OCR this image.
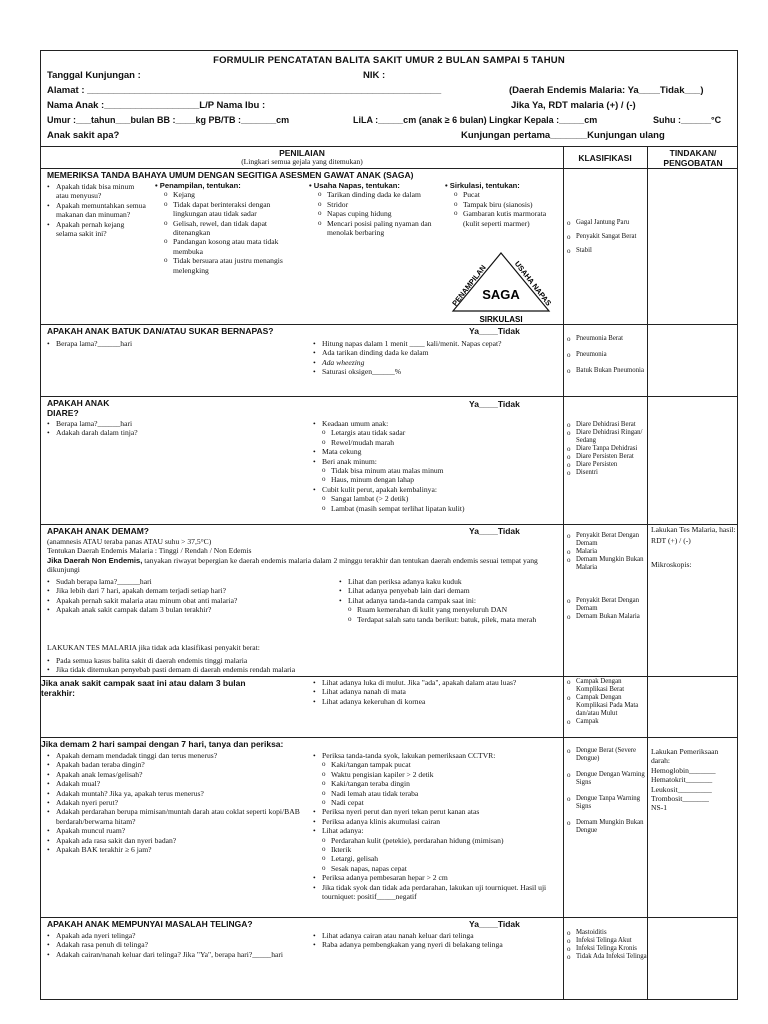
FORMULIR PENCATATAN BALITA SAKIT UMUR 2 BULAN SAMPAI 5 TAHUN
Tanggal Kunjungan :	NIK :
Alamat : ___________________________________________________________________	(Daerah Endemis Malaria: Ya____Tidak___)
Nama Anak :__________________L/P Nama Ibu :	Jika Ya, RDT malaria (+) / (-)
Umur :___tahun___bulan BB :____kg PB/TB :_______cm	LiLA :_____cm (anak ≥ 6 bulan) Lingkar Kepala :_____cm	Suhu :______°C
Anak sakit apa?	Kunjungan pertama_______Kunjungan ulang
PENILAIAN
(Lingkari semua gejala yang ditemukan)	KLASIFIKASI	TINDAKAN/ PENGOBATAN
MEMERIKSA TANDA BAHAYA UMUM DENGAN SEGITIGA ASESMEN GAWAT ANAK (SAGA)
• Apakah tidak bisa minum atau menyusu?
• Apakah memuntahkan semua makanan dan minuman?
• Apakah pernah kejang selama sakit ini?
• Penampilan, tentukan:
o Kejang
o Tidak dapat berinteraksi dengan lingkungan atau tidak sadar
o Gelisah, rewel, dan tidak dapat ditenangkan
o Pandangan kosong atau mata tidak membuka
o Tidak bersuara atau justru menangis melengking
• Usaha Napas, tentukan:
o Tarikan dinding dada ke dalam
o Stridor
o Napas cuping hidung
o Mencari posisi paling nyaman dan menolak berbaring
• Sirkulasi, tentukan:
o Pucat
o Tampak biru (sianosis)
o Gambaran kutis marmorata (kulit seperti marmer)
PENAMPILAN	USAHA NAPAS
SAGA
SIRKULASI
o Gagal Jantung Paru
o Penyakit Sangat Berat
o Stabil
APAKAH ANAK BATUK DAN/ATAU SUKAR BERNAPAS?	Ya____Tidak
• Berapa lama?______hari
•	Hitung napas dalam 1 menit ____ kali/menit. Napas cepat?
• Ada tarikan dinding dada ke dalam
• Ada wheezing
• Saturasi oksigen______%
o Pneumonia Berat
o Pneumonia
o Batuk Bukan Pneumonia
APAKAH ANAK DIARE?
Ya____Tidak
• Berapa lama?______hari
• Adakah darah dalam tinja?
• Keadaan umum anak:
o Letargis atau tidak sadar
o Rewel/mudah marah
• Mata cekung
• Beri anak minum:
o Tidak bisa minum atau malas minum
o Haus, minum dengan lahap
• Cubit kulit perut, apakah kembalinya:
o Sangat lambat (> 2 detik)
o Lambat (masih sempat terlihat lipatan kulit)
o Diare Dehidrasi Berat
o Diare Dehidrasi Ringan/ Sedang
o Diare Tanpa Dehidrasi
o Diare Persisten Berat
o Diare Persisten
o Disentri
APAKAH ANAK DEMAM?	Ya____Tidak
(anamnesis ATAU teraba panas ATAU suhu > 37,5°C)
Tentukan Daerah Endemis Malaria : Tinggi / Rendah / Non Edemis
Jika Daerah Non Endemis, tanyakan riwayat bepergian ke daerah endemis malaria dalam 2 minggu terakhir dan tentukan daerah endemis sesuai tempat yang dikunjungi
• Sudah berapa lama?______hari
• Jika lebih dari 7 hari, apakah demam terjadi setiap hari?
• Apakah pernah sakit malaria atau minum obat anti malaria?
• Apakah anak sakit campak dalam 3 bulan terakhir?
• Lihat dan periksa adanya kaku kuduk
• Lihat adanya penyebab lain dari demam
• Lihat adanya tanda-tanda campak saat ini:
o Ruam kemerahan di kulit yang menyeluruh DAN
o Terdapat salah satu tanda berikut: batuk, pilek, mata merah
LAKUKAN TES MALARIA jika tidak ada klasifikasi penyakit berat:
• Pada semua kasus balita sakit di daerah endemis tinggi malaria
• Jika tidak ditemukan penyebab pasti demam di daerah endemis rendah malaria
o Penyakit Berat Dengan Demam
o Malaria
o Demam Mungkin Bukan Malaria
o Penyakit Berat Dengan Demam
o Demam Bukan Malaria
Lakukan Tes Malaria, hasil:
RDT (+) / (-)
Mikroskopis:
Jika anak sakit campak saat ini atau dalam 3 bulan terakhir:
• Lihat adanya luka di mulut. Jika "ada", apakah dalam atau luas?
• Lihat adanya nanah di mata
• Lihat adanya kekeruhan di kornea
o Campak Dengan Komplikasi Berat
o Campak Dengan Komplikasi Pada Mata dan/atau Mulut
o Campak
Jika demam 2 hari sampai dengan 7 hari, tanya dan periksa:
• Apakah demam mendadak tinggi dan terus menerus?
• Apakah badan teraba dingin?
• Apakah anak lemas/gelisah?
• Adakah mual?
• Adakah muntah? Jika ya, apakah terus menerus?
• Adakah nyeri perut?
• Adakah perdarahan berupa mimisan/muntah darah atau coklat seperti kopi/BAB berdarah/berwarna hitam?
• Apakah muncul ruam?
• Apakah ada rasa sakit dan nyeri badan?
• Apakah BAK terakhir ≥ 6 jam?
• Periksa tanda-tanda syok, lakukan pemeriksaan CCTVR:
o Kaki/tangan tampak pucat
o Waktu pengisian kapiler > 2 detik
o Kaki/tangan teraba dingin
o Nadi lemah atau tidak teraba
o Nadi cepat
• Periksa nyeri perut dan nyeri tekan perut kanan atas
• Periksa adanya klinis akumulasi cairan
• Lihat adanya:
o Perdarahan kulit (petekie), perdarahan hidung (mimisan)
o Ikterik
o Letargi, gelisah
o Sesak napas, napas cepat
• Periksa adanya pembesaran hepar > 2 cm
• Jika tidak syok dan tidak ada perdarahan, lakukan uji tourniquet. Hasil uji tourniquet: positif_____negatif
o Dengue Berat (Severe Dengue)
o Dengue Dengan Warning Signs
o Dengue Tanpa Warning Signs
o Demam Mungkin Bukan Dengue
Lakukan Pemeriksaan darah:
Hemoglobin_______
Hematokrit_______
Leukosit_________
Trombosit_______
NS-1
APAKAH ANAK MEMPUNYAI MASALAH TELINGA?	Ya____Tidak
• Apakah ada nyeri telinga?
• Adakah rasa penuh di telinga?
• Adakah cairan/nanah keluar dari telinga? Jika "Ya", berapa hari?_____hari
• Lihat adanya cairan atau nanah keluar dari telinga
• Raba adanya pembengkakan yang nyeri di belakang telinga
o Mastoiditis
o Infeksi Telinga Akut
o Infeksi Telinga Kronis
o Tidak Ada Infeksi Telinga
